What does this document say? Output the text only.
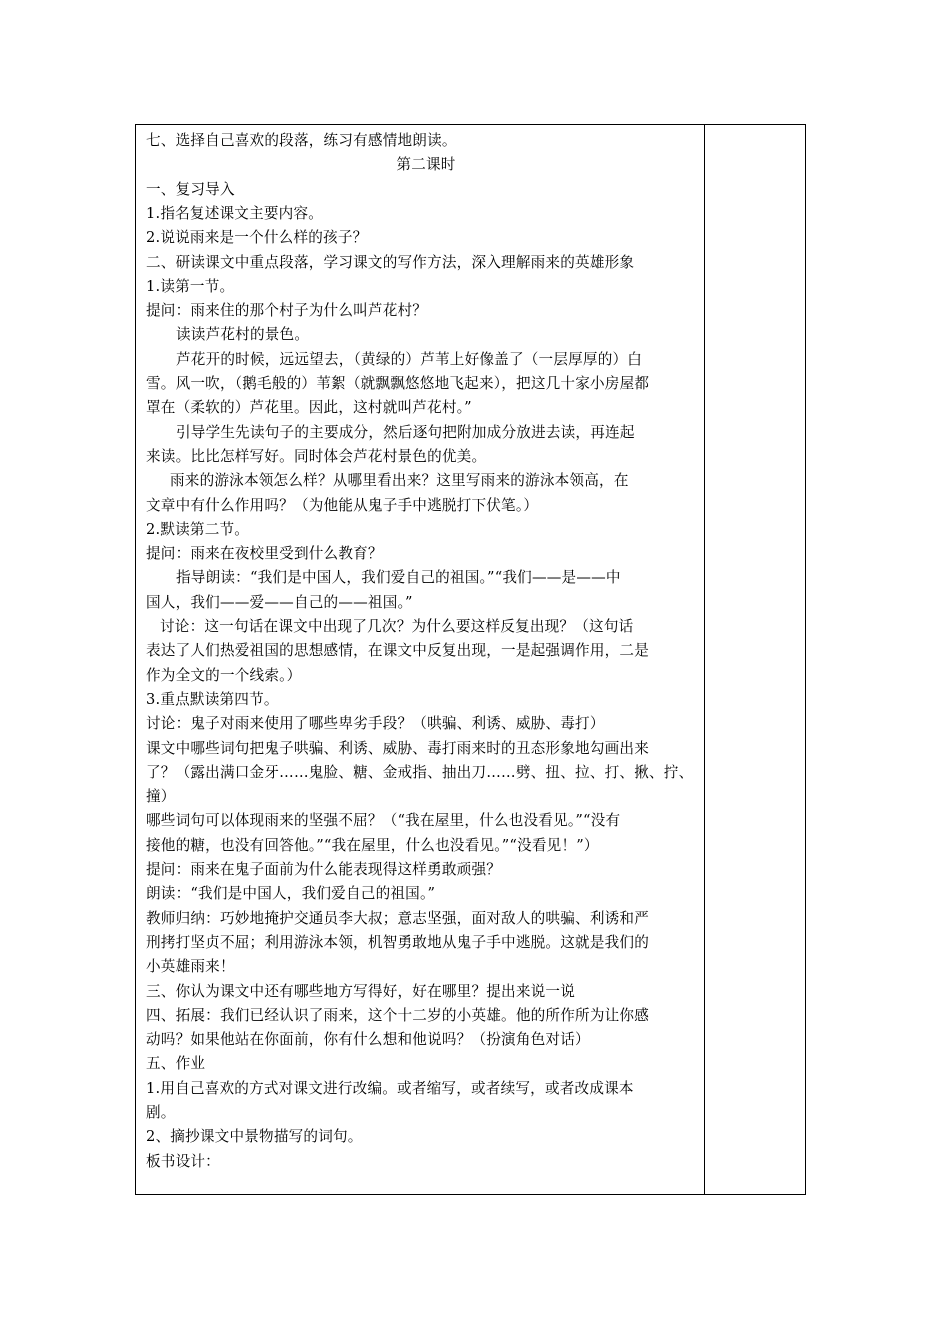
七、选择自己喜欢的段落，练习有感情地朗读。
第二课时
一、复习导入
1.指名复述课文主要内容。
2.说说雨来是一个什么样的孩子？
二、研读课文中重点段落，学习课文的写作方法，深入理解雨来的英雄形象
1.读第一节。
提问：雨来住的那个村子为什么叫芦花村？
读读芦花村的景色。
芦花开的时候，远远望去，（黄绿的）芦苇上好像盖了（一层厚厚的）白
雪。风一吹，（鹅毛般的）苇絮（就飘飘悠悠地飞起来），把这几十家小房屋都
罩在（柔软的）芦花里。因此，这村就叫芦花村。”
引导学生先读句子的主要成分，然后逐句把附加成分放进去读，再连起
来读。比比怎样写好。同时体会芦花村景色的优美。
雨来的游泳本领怎么样？从哪里看出来？这里写雨来的游泳本领高，在
文章中有什么作用吗？（为他能从鬼子手中逃脱打下伏笔。）
2.默读第二节。
提问：雨来在夜校里受到什么教育？
指导朗读：“我们是中国人，我们爱自己的祖国。”“我们——是——中
国人，我们——爱——自己的——祖国。”
讨论：这一句话在课文中出现了几次？为什么要这样反复出现？（这句话
表达了人们热爱祖国的思想感情，在课文中反复出现，一是起强调作用，二是
作为全文的一个线索。）
3.重点默读第四节。
讨论：鬼子对雨来使用了哪些卑劣手段？（哄骗、利诱、威胁、毒打）
课文中哪些词句把鬼子哄骗、利诱、威胁、毒打雨来时的丑态形象地勾画出来
了？（露出满口金牙……鬼脸、糖、金戒指、抽出刀……劈、扭、拉、打、揪、拧、
撞）
哪些词句可以体现雨来的坚强不屈？（“我在屋里，什么也没看见。”“没有
接他的糖，也没有回答他。”“我在屋里，什么也没看见。”“没看见！”）
提问：雨来在鬼子面前为什么能表现得这样勇敢顽强？
朗读：“我们是中国人，我们爱自己的祖国。”
教师归纳：巧妙地掩护交通员李大叔；意志坚强，面对敌人的哄骗、利诱和严
刑拷打坚贞不屈；利用游泳本领，机智勇敢地从鬼子手中逃脱。这就是我们的
小英雄雨来！
三、你认为课文中还有哪些地方写得好，好在哪里？提出来说一说
四、拓展：我们已经认识了雨来，这个十二岁的小英雄。他的所作所为让你感
动吗？如果他站在你面前，你有什么想和他说吗？（扮演角色对话）
五、作业
1.用自己喜欢的方式对课文进行改编。或者缩写，或者续写，或者改成课本
剧。
2、摘抄课文中景物描写的词句。
板书设计：
